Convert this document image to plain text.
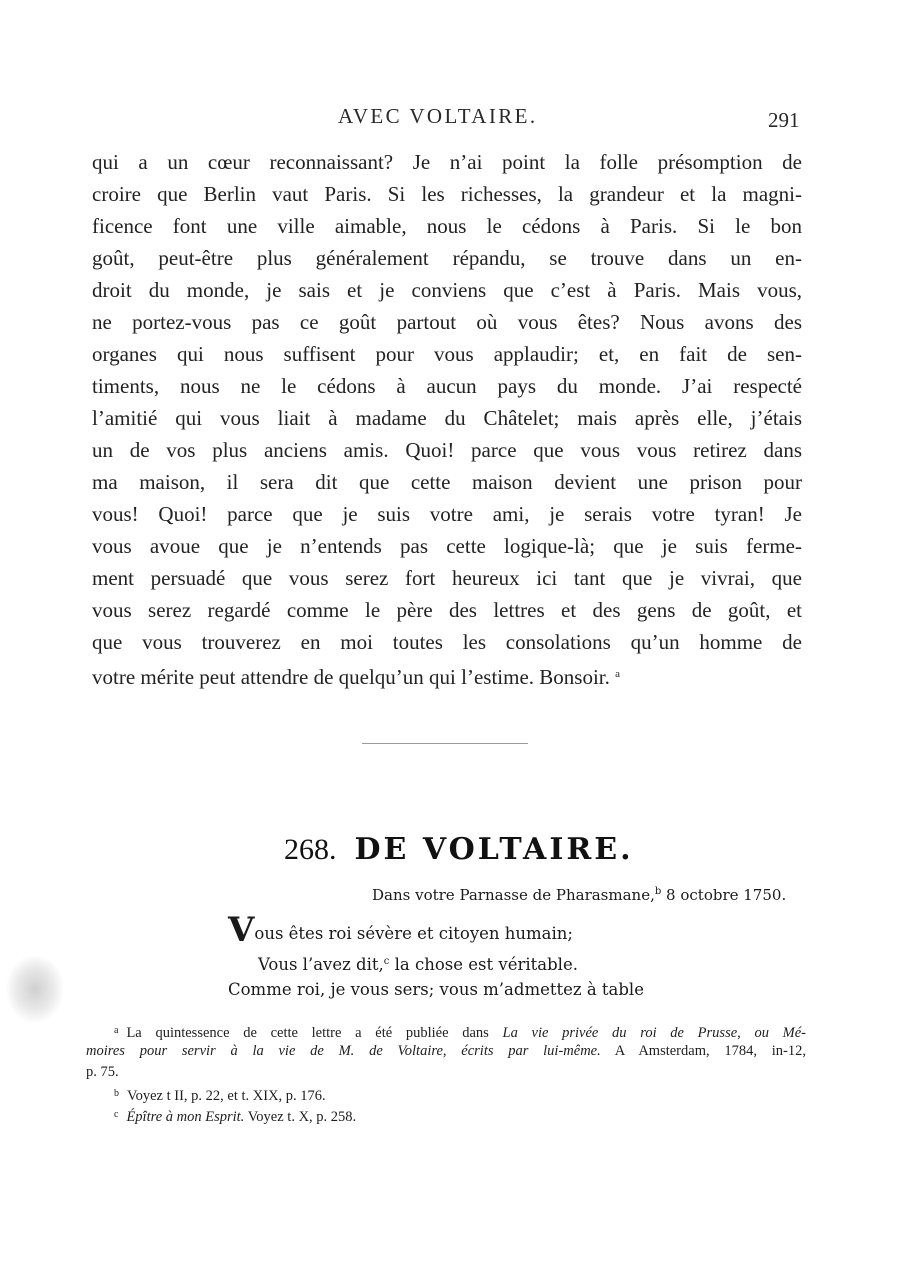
AVEC VOLTAIRE.	291
qui a un cœur reconnaissant? Je n’ai point la folle présomption de
croire que Berlin vaut Paris. Si les richesses, la grandeur et la magni-
ficence font une ville aimable, nous le cédons à Paris. Si le bon
goût, peut-être plus généralement répandu, se trouve dans un en-
droit du monde, je sais et je conviens que c’est à Paris. Mais vous,
ne portez-vous pas ce goût partout où vous êtes? Nous avons des
organes qui nous suffisent pour vous applaudir; et, en fait de sen-
timents, nous ne le cédons à aucun pays du monde. J’ai respecté
l’amitié qui vous liait à madame du Châtelet; mais après elle, j’étais
un de vos plus anciens amis. Quoi! parce que vous vous retirez dans
ma maison, il sera dit que cette maison devient une prison pour
vous! Quoi! parce que je suis votre ami, je serais votre tyran! Je
vous avoue que je n’entends pas cette logique-là; que je suis ferme-
ment persuadé que vous serez fort heureux ici tant que je vivrai, que
vous serez regardé comme le père des lettres et des gens de goût, et
que vous trouverez en moi toutes les consolations qu’un homme de
votre mérite peut attendre de quelqu’un qui l’estime. Bonsoir. $^a$
268. DE VOLTAIRE.
Dans votre Parnasse de Pharasmane,$^b$ 8 octobre 1750.
Vous êtes roi sévère et citoyen humain;
Vous l’avez dit,$^c$ la chose est véritable.
Comme roi, je vous sers; vous m’admettez à table
$^a$ La quintessence de cette lettre a été publiée dans La vie privée du roi de Prusse, ou Mé-
moires pour servir à la vie de M. de Voltaire, écrits par lui-même. A Amsterdam, 1784, in-12,
p. 75.
$^b$ Voyez t II, p. 22, et t. XIX, p. 176.
$^c$ Épître à mon Esprit. Voyez t. X, p. 258.
